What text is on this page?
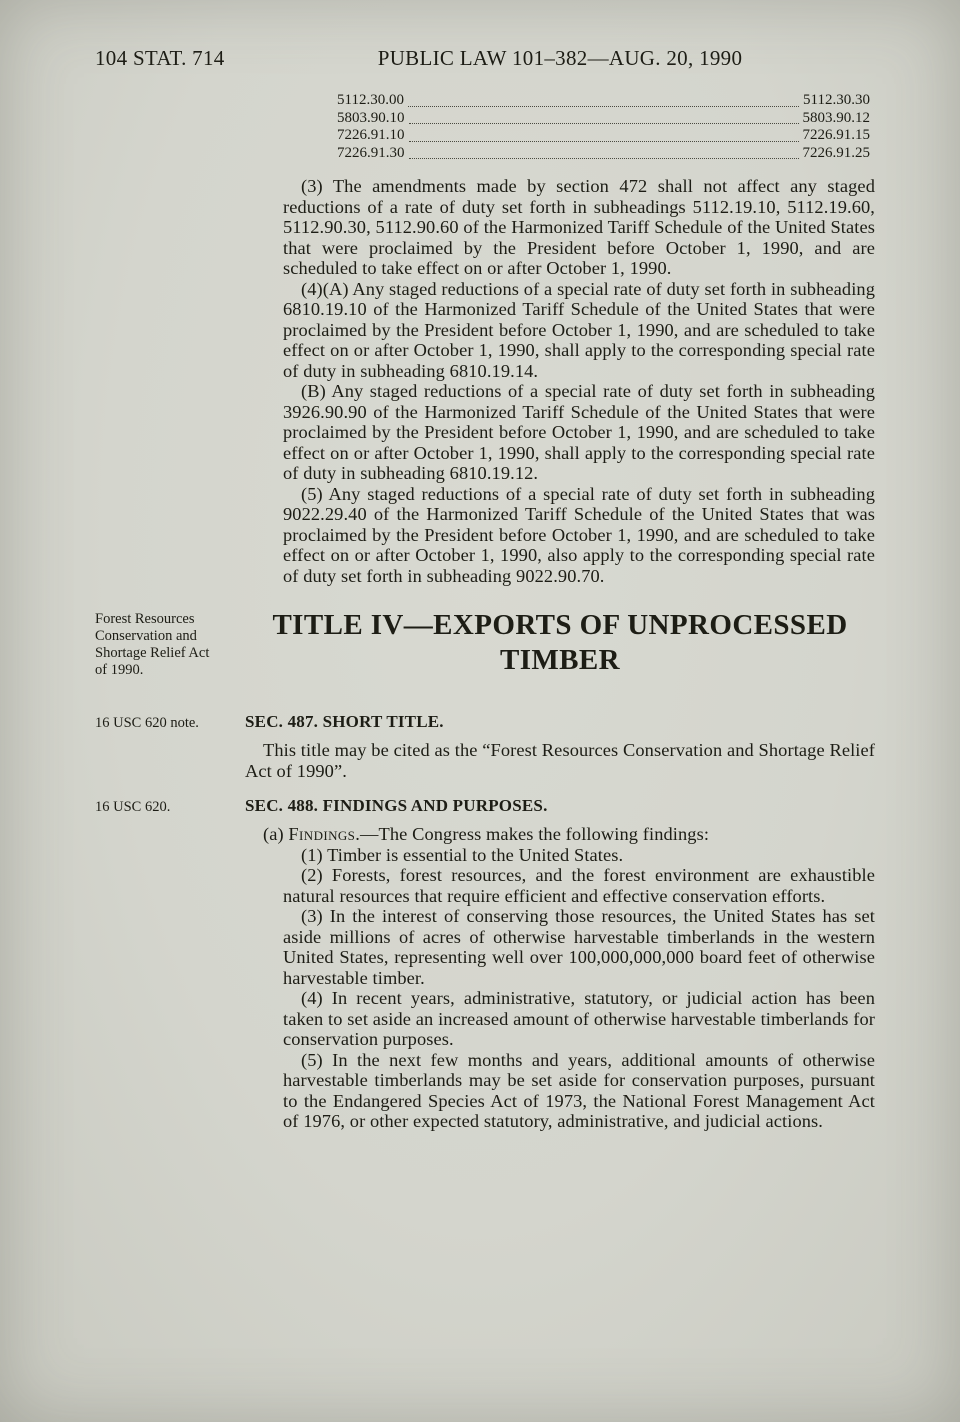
104 STAT. 714	PUBLIC LAW 101–382—AUG. 20, 1990
5112.30.00	5112.30.30
5803.90.10	5803.90.12
7226.91.10	7226.91.15
7226.91.30	7226.91.25

(3) The amendments made by section 472 shall not affect any staged reductions of a rate of duty set forth in subheadings 5112.19.10, 5112.19.60, 5112.90.30, 5112.90.60 of the Harmonized Tariff Schedule of the United States that were proclaimed by the President before October 1, 1990, and are scheduled to take effect on or after October 1, 1990.

(4)(A) Any staged reductions of a special rate of duty set forth in subheading 6810.19.10 of the Harmonized Tariff Schedule of the United States that were proclaimed by the President before October 1, 1990, and are scheduled to take effect on or after October 1, 1990, shall apply to the corresponding special rate of duty in subheading 6810.19.14.

(B) Any staged reductions of a special rate of duty set forth in subheading 3926.90.90 of the Harmonized Tariff Schedule of the United States that were proclaimed by the President before October 1, 1990, and are scheduled to take effect on or after October 1, 1990, shall apply to the corresponding special rate of duty in subheading 6810.19.12.

(5) Any staged reductions of a special rate of duty set forth in subheading 9022.29.40 of the Harmonized Tariff Schedule of the United States that was proclaimed by the President before October 1, 1990, and are scheduled to take effect on or after October 1, 1990, also apply to the corresponding special rate of duty set forth in subheading 9022.90.70.

Forest Resources Conservation and Shortage Relief Act of 1990.
TITLE IV—EXPORTS OF UNPROCESSED
TIMBER
16 USC 620 note.	SEC. 487. SHORT TITLE.

This title may be cited as the “Forest Resources Conservation and Shortage Relief Act of 1990”.

16 USC 620.	SEC. 488. FINDINGS AND PURPOSES.

(a) Findings.—The Congress makes the following findings:

(1) Timber is essential to the United States.

(2) Forests, forest resources, and the forest environment are exhaustible natural resources that require efficient and effective conservation efforts.

(3) In the interest of conserving those resources, the United States has set aside millions of acres of otherwise harvestable timberlands in the western United States, representing well over 100,000,000,000 board feet of otherwise harvestable timber.

(4) In recent years, administrative, statutory, or judicial action has been taken to set aside an increased amount of otherwise harvestable timberlands for conservation purposes.

(5) In the next few months and years, additional amounts of otherwise harvestable timberlands may be set aside for conservation purposes, pursuant to the Endangered Species Act of 1973, the National Forest Management Act of 1976, or other expected statutory, administrative, and judicial actions.
